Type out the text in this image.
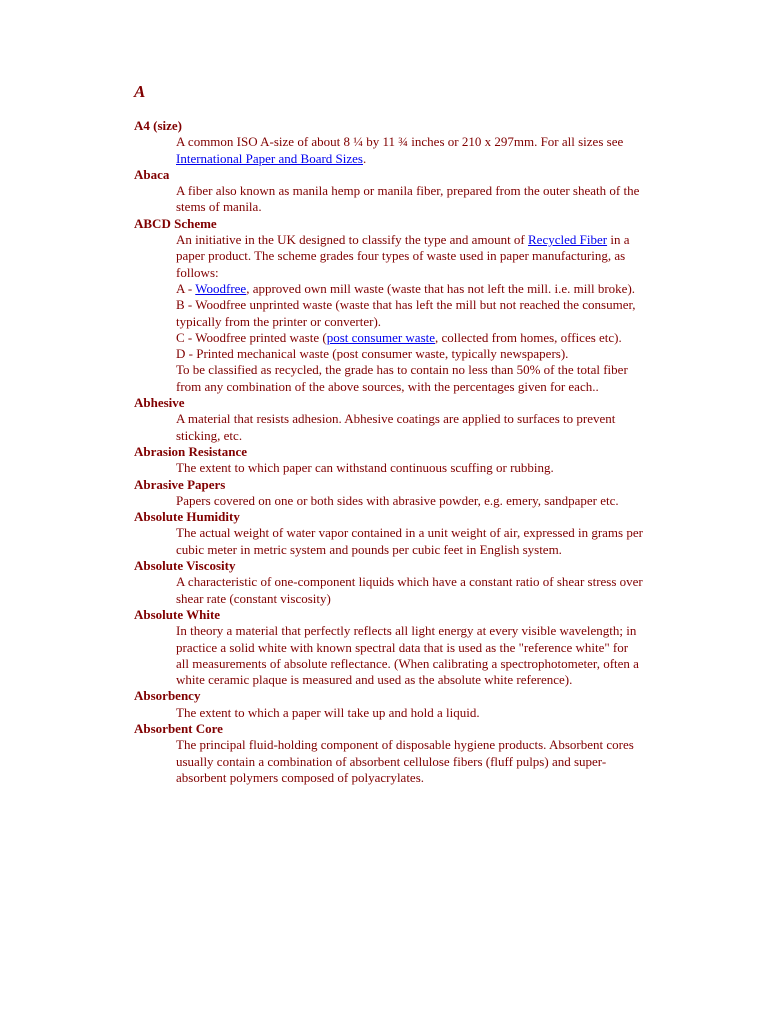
A
A4 (size)
A common ISO A-size of about 8 ¼ by 11 ¾ inches or 210 x 297mm. For all sizes see International Paper and Board Sizes.
Abaca
A fiber also known as manila hemp or manila fiber, prepared from the outer sheath of the stems of manila.
ABCD Scheme
An initiative in the UK designed to classify the type and amount of Recycled Fiber in a paper product. The scheme grades four types of waste used in paper manufacturing, as follows:
A - Woodfree, approved own mill waste (waste that has not left the mill. i.e. mill broke).
B - Woodfree unprinted waste (waste that has left the mill but not reached the consumer, typically from the printer or converter).
C - Woodfree printed waste (post consumer waste, collected from homes, offices etc).
D - Printed mechanical waste (post consumer waste, typically newspapers).
To be classified as recycled, the grade has to contain no less than 50% of the total fiber from any combination of the above sources, with the percentages given for each..
Abhesive
A material that resists adhesion. Abhesive coatings are applied to surfaces to prevent sticking, etc.
Abrasion Resistance
The extent to which paper can withstand continuous scuffing or rubbing.
Abrasive Papers
Papers covered on one or both sides with abrasive powder, e.g. emery, sandpaper etc.
Absolute Humidity
The actual weight of water vapor contained in a unit weight of air, expressed in grams per cubic meter in metric system and pounds per cubic feet in English system.
Absolute Viscosity
A characteristic of one-component liquids which have a constant ratio of shear stress over shear rate (constant viscosity)
Absolute White
In theory a material that perfectly reflects all light energy at every visible wavelength; in practice a solid white with known spectral data that is used as the "reference white" for all measurements of absolute reflectance. (When calibrating a spectrophotometer, often a white ceramic plaque is measured and used as the absolute white reference).
Absorbency
The extent to which a paper will take up and hold a liquid.
Absorbent Core
The principal fluid-holding component of disposable hygiene products. Absorbent cores usually contain a combination of absorbent cellulose fibers (fluff pulps) and super-absorbent polymers composed of polyacrylates.
